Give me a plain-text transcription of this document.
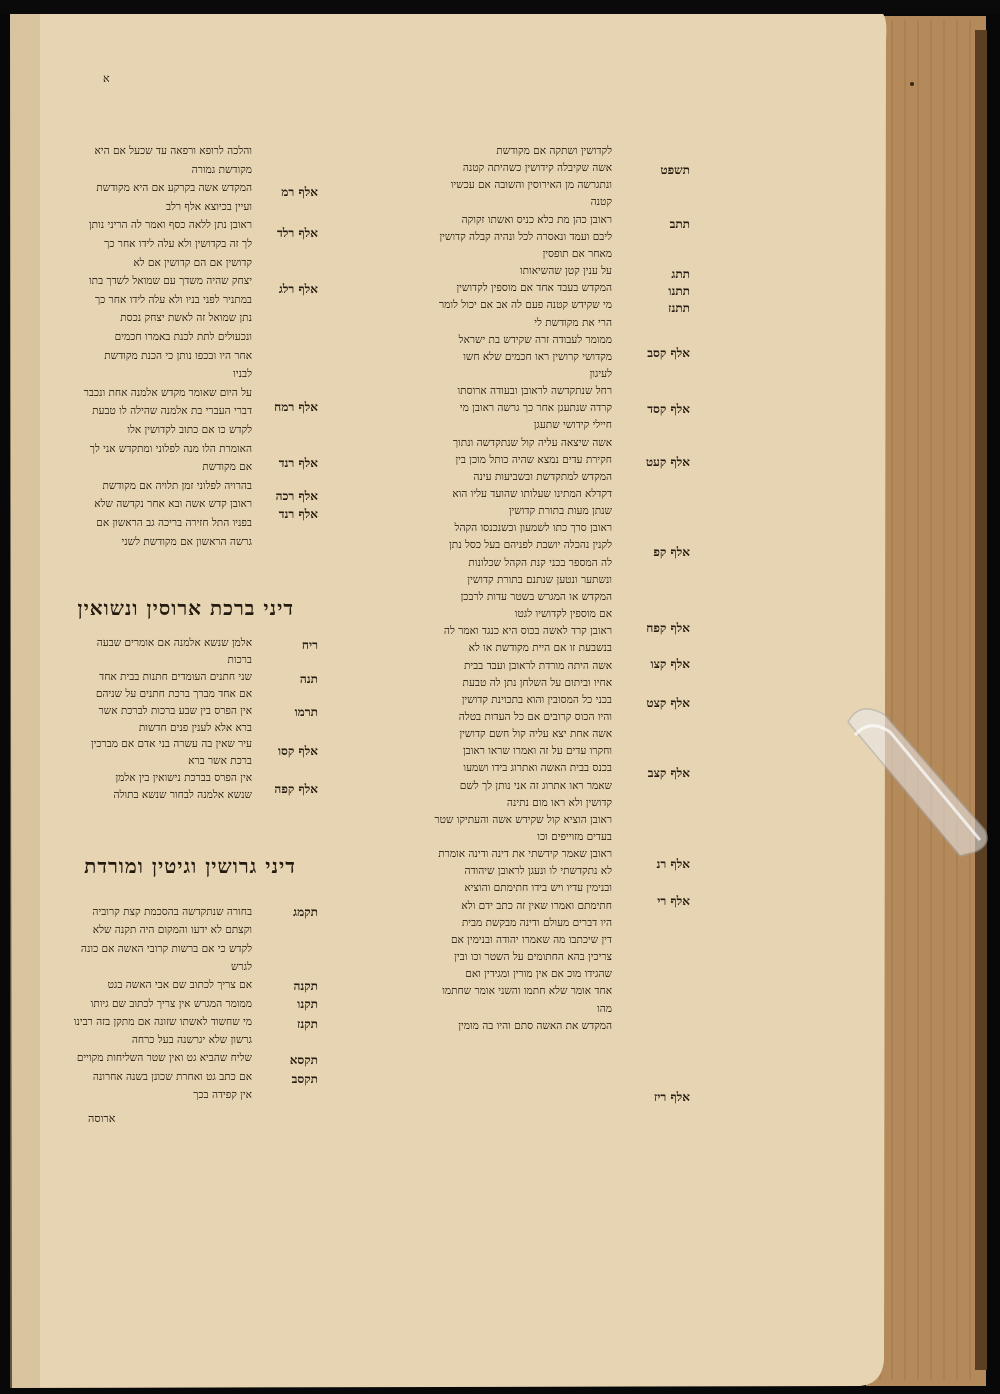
א
לקדושין ושתקה אם מקודשת
אשה שקיבלה קידושין כשהיתה קטנה
ונתגרשה מן האירוסין והשובה אם עכשיו
קטנה
ראובן כהן מת כלא כניס ואשתו זקוקה
ליבם ועמד ונאסרה לכל ונהיה קבלה קדושין
מאחר אם תופסין
על ענין קטן שהשיאותו
המקדש בעבד אחד אם מוספין לקדושין
מי שקידש קטנה פעם לה אב אם יכול לומר
הרי את מקודשת לי
ממומר לעבודה זרה שקידש בת ישראל
מקדושי קרושין ראו חכמים שלא חשו
לעיגון
רחל שנתקדשה לראובן ובעודה ארוסתו
קרדה שנתעגן אחר כך גרשה ראובן מי
חיילי קידושי שתעגן
אשה שיצאה עליה קול שנתקדשה ונתוך
חקירת עדים נמצא שהיה כותל מוכן בין
המקדש למתקדשת ובשביעות עינה
דקדלא המתינו שעלותו שהועד עליו הוא
שנתן מעות בתורת קדושין
ראובן סרך כתו לשמעון וכשנכנסו הקהל
לקנין נהכלה יושבת לפניהם בעל כסל נתן
לה המספר בכני קנת הקהל שכלונות
ונשתער ונטען שנתנם בתורת קדושין
המקדש או המגרש בשטר עדות לרבכן
אם מוספין לקדושיו לגטו
ראובן קרד לאשה בכוס היא כנגד ואמר לה
בנשבעת זו אם היית מקודשת או לא
אשה היתה מורדת לראובן ועבד בבית
אחיו וביתום על השלחן נתן לה טבעת
בכני כל המסובין והוא בתכוינת קדושין
והיו הכוס קרובים אם כל העדות בטלה
אשה אחת יצא עליה קול חשם קדושין
וחקרו עדים על זה ואמרו שראו ראובן
בכנס בבית האשה ואתרוג בידו ושמעו
שאמר ראו אתרוג זה אני נותן לך לשם
קדושין ולא ראו מום נתינה
ראובן הוציא קול שקידש אשה והעתיקו שטר
בעדים מזוייפים וכו
ראובן שאמר קידשתי את דינה ודינה אומרת
לא נתקדשתי לו ונעגן לראובן שיהודה
ובנימין עדיו ויש בידו חתימתם והוציא
חתימתם ואמרו שאין זה כתב ידם ולא
היו דברים מעולם ודינה מבקשת מבית
דין שיכתבו מה שאמרו יהודה ובנימין אם
צריכין בהא החתומים על השטר וכו ובין
שהגידו מוכ אם אין מורין ומגידין ואם
אחד אומר שלא חתמו והשני אומר שחתמו
מהו
המקדש את האשה סתם והיו בה מומין
תשפט
תתב
תתג
תתנו
תתנז
אלף קסב
אלף קסד
אלף קעט
אלף קפ
אלף קפח
אלף קצו
אלף קצט
אלף קצב
אלף רנ
אלף רי
אלף ריז
והלכה לרופא ורפאה עד שכעל אם היא
מקודשת גמורה
המקדש אשה בקרקע אם היא מקודשת
ועיין בכיוצא אלף רלב
ראובן נתן ללאה כסף ואמר לה הריני נותן
לך זה בקדושין ולא עלה לידו אחר כך
קדושין אם הם קדושין אם לא
יצחק שהיה משדך עם שמואל לשדך בתו
במתניר לפני בניו ולא עלה לידו אחר כך
נתן שמואל זה לאשת יצחק נכסת
ונכעולים לתת לכנת באמרו חכמים
אחר היו ובכפו נותן כי הכנת מקודשת
לבניו
על היום שאומר מקדש אלמנה אחת ונכבר
דברי העברי בת אלמנה שהילה לו טבעת
לקדש כו אם כתוב לקדושין אלו
האומרת הלו מנה לפלוני ומתקדש אני לך
אם מקודשת
בהרויה לפלוני זמן תלויה אם מקודשת
ראובן קדש אשה ובא אחר נקדשה שלא
בפניו התל חזירה בריכה גב הראשון אם
גרשה הראשון אם מקודשת לשני
אלף רמ
אלף רלד
אלף רלג
אלף רמח
אלף רנד
אלף רכה
אלף רנד
דיני ברכת ארוסין ונשואין
אלמן שנשא אלמנה אם אומרים שבעה
ברכות
שני חתנים העומדים חתנות בבית אחד
אם אחד מברך ברכת חתנים על שניהם
אין הפרס בין שבע ברכות לברכת אשר
ברא אלא לענין פנים חדשות
עיר שאין בה עשרה בני אדם אם מברכין
ברכת אשר ברא
אין הפרס בברכת נישואין בין אלמן
שנשא אלמנה לבחור שנשא בתולה
ריח
תנה
תרמו
אלף קסו
אלף קפה
דיני גרושין וגיטין ומורדת
בחורה שנתקדשה בהסכמת קצת קרוביה
וקצתם לא ידעו והמקום היה תקנה שלא
לקדש כי אם ברשות קרובי האשה אם כונה
לגרש
אם צריך לכתוב שם אבי האשה בגט
ממומר המגרש אין צריך לכתוב שם גיותו
מי שחשוד לאשתו שזונה אם מתקן בזה רבינו
גרשון שלא יגרשנה בעל כרחה
שליח שהביא גט ואין שטר השליחות מקויים
אם כתב גט ואחרת שכונן בשנה אחרונה
אין קפידה בכך
תקמג
תקנה
תקנו
תקנז
תקסא
תקסב
ארוסה
